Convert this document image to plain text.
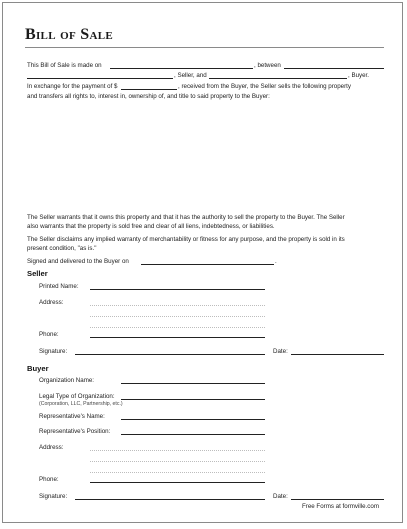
Bill of Sale
This Bill of Sale is made on	, between
, Seller, and	, Buyer.
In exchange for the payment of $	, received from the Buyer, the Seller sells the following property
and transfers all rights to, interest in, ownership of, and title to said property to the Buyer:
The Seller warrants that it owns this property and that it has the authority to sell the property to the Buyer. The Seller
also warrants that the property is sold free and clear of all liens, indebtedness, or liabilities.
The Seller disclaims any implied warranty of merchantability or fitness for any purpose, and the property is sold in its
present condition, "as is."
Signed and delivered to the Buyer on	.
Seller
Printed Name:
Address:
Phone:
Signature:	Date:
Buyer
Organization Name:
Legal Type of Organization:
(Corporation, LLC, Partnership, etc.)
Representative's Name:
Representative's Position:
Address:
Phone:
Signature:	Date:
Free Forms at formville.com
